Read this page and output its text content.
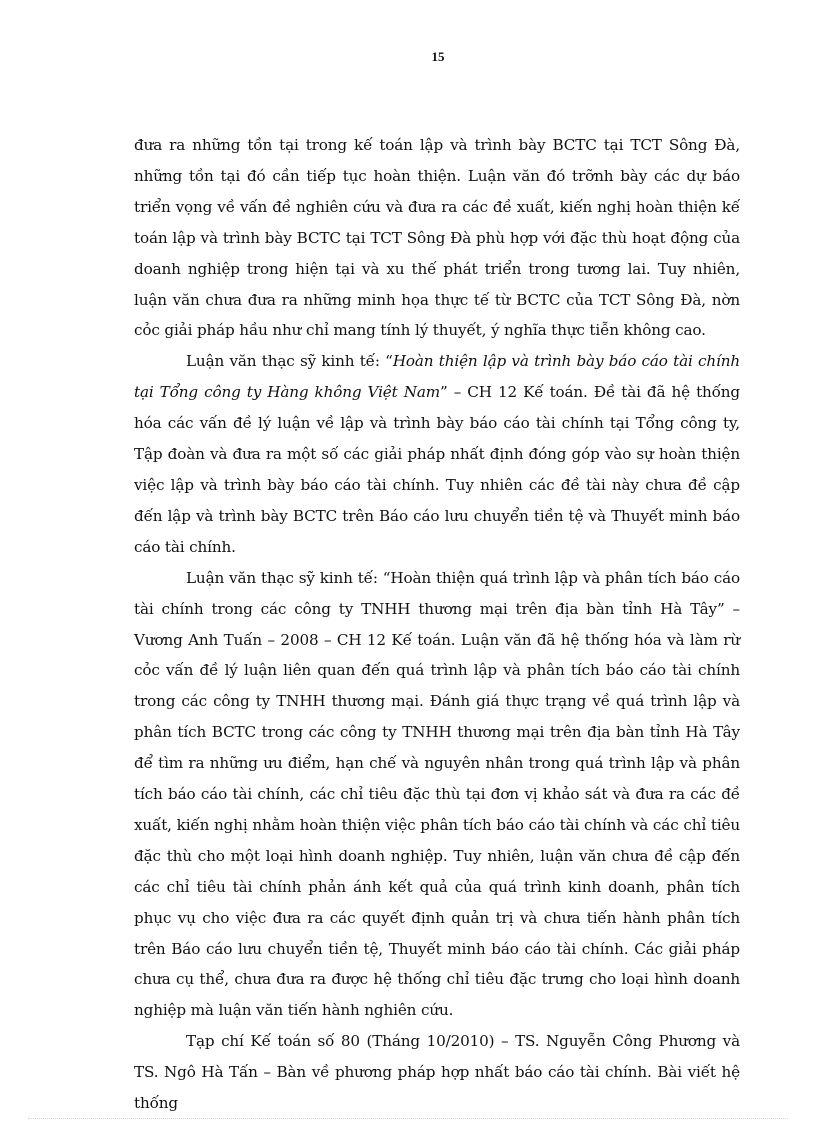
15

đưa ra những tồn tại trong kế toán lập và trình bày BCTC tại TCT Sông Đà, những tồn tại đó cần tiếp tục hoàn thiện. Luận văn đó trỡnh bày các dự báo triển vọng về vấn đề nghiên cứu và đưa ra các đề xuất, kiến nghị hoàn thiện kế toán lập và trình bày BCTC tại TCT Sông Đà phù hợp với đặc thù hoạt động của doanh nghiệp trong hiện tại và xu thế phát triển trong tương lai. Tuy nhiên, luận văn chưa đưa ra những minh họa thực tế từ BCTC của TCT Sông Đà, nờn cỏc giải pháp hầu như chỉ mang tính lý thuyết, ý nghĩa thực tiễn không cao.

Luận văn thạc sỹ kinh tế: “Hoàn thiện lập và trình bày báo cáo tài chính tại Tổng công ty Hàng không Việt Nam” – CH 12 Kế toán. Đề tài đã hệ thống hóa các vấn đề lý luận về lập và trình bày báo cáo tài chính tại Tổng công ty, Tập đoàn và đưa ra một số các giải pháp nhất định đóng góp vào sự hoàn thiện việc lập và trình bày báo cáo tài chính. Tuy nhiên các đề tài này chưa đề cập đến lập và trình bày BCTC trên Báo cáo lưu chuyển tiền tệ và Thuyết minh báo cáo tài chính.

Luận văn thạc sỹ kinh tế: “Hoàn thiện quá trình lập và phân tích báo cáo tài chính trong các công ty TNHH thương mại trên địa bàn tỉnh Hà Tây” – Vương Anh Tuấn – 2008 – CH 12 Kế toán. Luận văn đã hệ thống hóa và làm rừ cỏc vấn đề lý luận liên quan đến quá trình lập và phân tích báo cáo tài chính trong các công ty TNHH thương mại. Đánh giá thực trạng về quá trình lập và phân tích BCTC trong các công ty TNHH thương mại trên địa bàn tỉnh Hà Tây để tìm ra những ưu điểm, hạn chế và nguyên nhân trong quá trình lập và phân tích báo cáo tài chính, các chỉ tiêu đặc thù tại đơn vị khảo sát và đưa ra các đề xuất, kiến nghị nhằm hoàn thiện việc phân tích báo cáo tài chính và các chỉ tiêu đặc thù cho một loại hình doanh nghiệp. Tuy nhiên, luận văn chưa đề cập đến các chỉ tiêu tài chính phản ánh kết quả của quá trình kinh doanh, phân tích phục vụ cho việc đưa ra các quyết định quản trị và chưa tiến hành phân tích trên Báo cáo lưu chuyển tiền tệ, Thuyết minh báo cáo tài chính. Các giải pháp chưa cụ thể, chưa đưa ra được hệ thống chỉ tiêu đặc trưng cho loại hình doanh nghiệp mà luận văn tiến hành nghiên cứu.

Tạp chí Kế toán số 80 (Tháng 10/2010) – TS. Nguyễn Công Phương và TS. Ngô Hà Tấn – Bàn về phương pháp hợp nhất báo cáo tài chính. Bài viết hệ thống
